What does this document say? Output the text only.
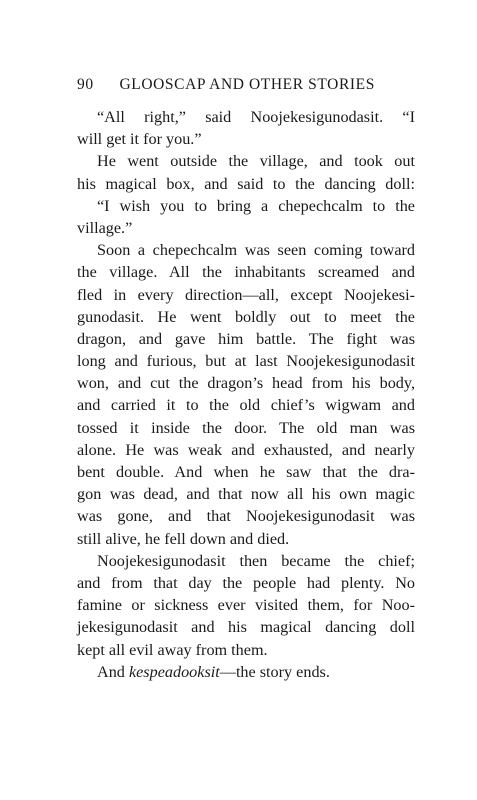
90 GLOOSCAP AND OTHER STORIES
“All right,” said Noojekesigunodasit. “I
will get it for you.”
He went outside the village, and took out
his magical box, and said to the dancing doll:
“I wish you to bring a chepechcalm to the
village.”
Soon a chepechcalm was seen coming toward
the village. All the inhabitants screamed and
fled in every direction—all, except Noojekesi-
gunodasit. He went boldly out to meet the
dragon, and gave him battle. The fight was
long and furious, but at last Noojekesigunodasit
won, and cut the dragon’s head from his body,
and carried it to the old chief’s wigwam and
tossed it inside the door. The old man was
alone. He was weak and exhausted, and nearly
bent double. And when he saw that the dra-
gon was dead, and that now all his own magic
was gone, and that Noojekesigunodasit was
still alive, he fell down and died.
Noojekesigunodasit then became the chief;
and from that day the people had plenty. No
famine or sickness ever visited them, for Noo-
jekesigunodasit and his magical dancing doll
kept all evil away from them.
And kespeadooksit—the story ends.
